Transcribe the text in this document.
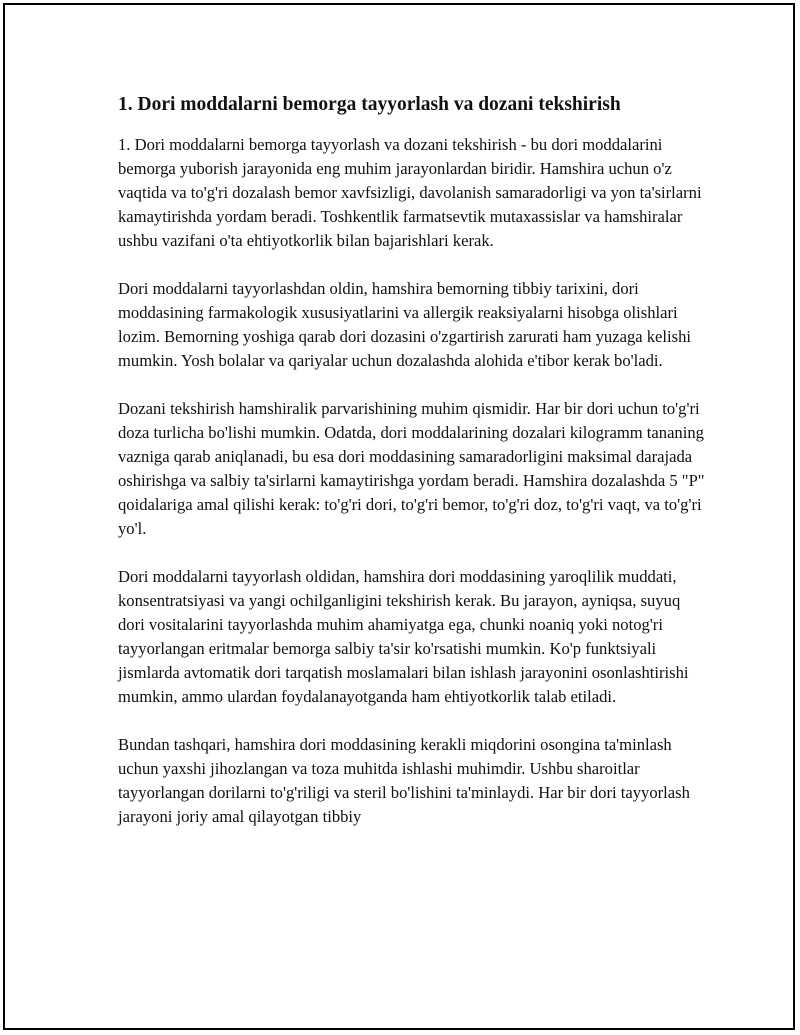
1. Dori moddalarni bemorga tayyorlash va dozani tekshirish

1. Dori moddalarni bemorga tayyorlash va dozani tekshirish - bu dori moddalarini bemorga yuborish jarayonida eng muhim jarayonlardan biridir. Hamshira uchun o'z vaqtida va to'g'ri dozalash bemor xavfsizligi, davolanish samaradorligi va yon ta'sirlarni kamaytirishda yordam beradi. Toshkentlik farmatsevtik mutaxassislar va hamshiralar ushbu vazifani o'ta ehtiyotkorlik bilan bajarishlari kerak.

Dori moddalarni tayyorlashdan oldin, hamshira bemorning tibbiy tarixini, dori moddasining farmakologik xususiyatlarini va allergik reaksiyalarni hisobga olishlari lozim. Bemorning yoshiga qarab dori dozasini o'zgartirish zarurati ham yuzaga kelishi mumkin. Yosh bolalar va qariyalar uchun dozalashda alohida e'tibor kerak bo'ladi.

Dozani tekshirish hamshiralik parvarishining muhim qismidir. Har bir dori uchun to'g'ri doza turlicha bo'lishi mumkin. Odatda, dori moddalarining dozalari kilogramm tananing vazniga qarab aniqlanadi, bu esa dori moddasining samaradorligini maksimal darajada oshirishga va salbiy ta'sirlarni kamaytirishga yordam beradi. Hamshira dozalashda 5 "P" qoidalariga amal qilishi kerak: to'g'ri dori, to'g'ri bemor, to'g'ri doz, to'g'ri vaqt, va to'g'ri yo'l.

Dori moddalarni tayyorlash oldidan, hamshira dori moddasining yaroqlilik muddati, konsentratsiyasi va yangi ochilganligini tekshirish kerak. Bu jarayon, ayniqsa, suyuq dori vositalarini tayyorlashda muhim ahamiyatga ega, chunki noaniq yoki notog'ri tayyorlangan eritmalar bemorga salbiy ta'sir ko'rsatishi mumkin. Ko'p funktsiyali jismlarda avtomatik dori tarqatish moslamalari bilan ishlash jarayonini osonlashtirishi mumkin, ammo ulardan foydalanayotganda ham ehtiyotkorlik talab etiladi.

Bundan tashqari, hamshira dori moddasining kerakli miqdorini osongina ta'minlash uchun yaxshi jihozlangan va toza muhitda ishlashi muhimdir. Ushbu sharoitlar tayyorlangan dorilarni to'g'riligi va steril bo'lishini ta'minlaydi. Har bir dori tayyorlash jarayoni joriy amal qilayotgan tibbiy
